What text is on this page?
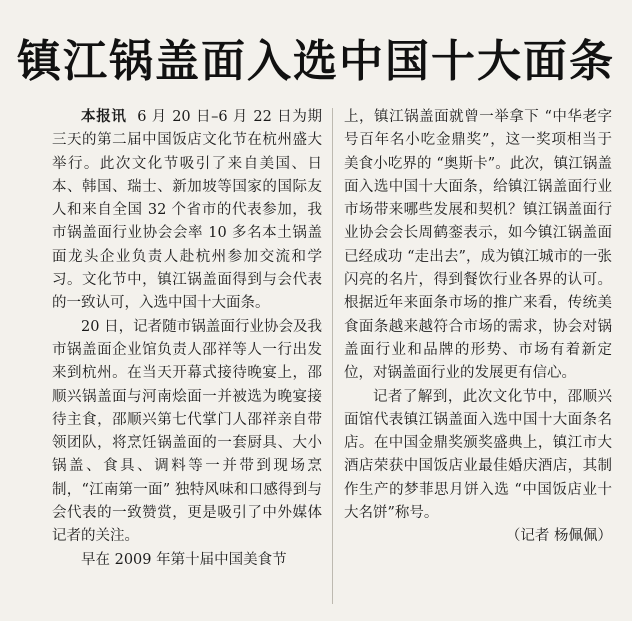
镇江锅盖面入选中国十大面条

本报讯 6 月 20 日–6 月 22 日为期三天的第二届中国饭店文化节在杭州盛大举行。此次文化节吸引了来自美国、日本、韩国、瑞士、新加坡等国家的国际友人和来自全国 32 个省市的代表参加，我市锅盖面行业协会会率 10 多名本土锅盖面龙头企业负责人赴杭州参加交流和学习。文化节中，镇江锅盖面得到与会代表的一致认可，入选中国十大面条。

20 日，记者随市锅盖面行业协会及我市锅盖面企业馆负责人邵祥等人一行出发来到杭州。在当天开幕式接待晚宴上，邵顺兴锅盖面与河南烩面一并被选为晚宴接待主食，邵顺兴第七代掌门人邵祥亲自带领团队，将烹饪锅盖面的一套厨具、大小锅盖、食具、调料等一并带到现场烹制，“江南第一面” 独特风味和口感得到与会代表的一致赞赏，更是吸引了中外媒体记者的关注。

早在 2009 年第十届中国美食节

上，镇江锅盖面就曾一举拿下 “中华老字号百年名小吃金鼎奖”，这一奖项相当于美食小吃界的 “奥斯卡”。此次，镇江锅盖面入选中国十大面条，给镇江锅盖面行业市场带来哪些发展和契机？镇江锅盖面行业协会会长周鹤銮表示，如今镇江锅盖面已经成功 “走出去”，成为镇江城市的一张闪亮的名片，得到餐饮行业各界的认可。根据近年来面条市场的推广来看，传统美食面条越来越符合市场的需求，协会对锅盖面行业和品牌的形势、市场有着新定位，对锅盖面行业的发展更有信心。

记者了解到，此次文化节中，邵顺兴面馆代表镇江锅盖面入选中国十大面条名店。在中国金鼎奖颁奖盛典上，镇江市大酒店荣获中国饭店业最佳婚庆酒店，其制作生产的梦菲思月饼入选 “中国饭店业十大名饼”称号。

（记者 杨佩佩）
